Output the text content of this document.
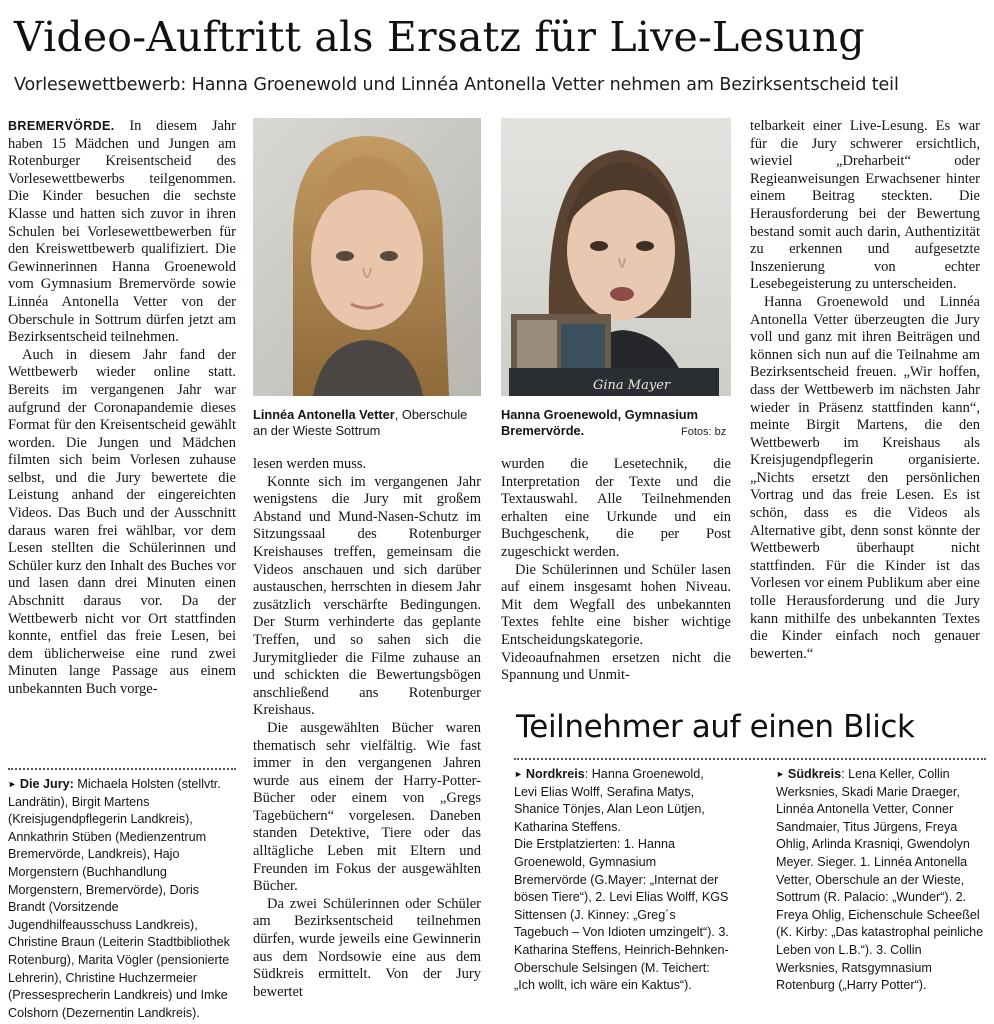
Video-Auftritt als Ersatz für Live-Lesung
Vorlesewettbewerb: Hanna Groenewold und Linnéa Antonella Vetter nehmen am Bezirksentscheid teil

BREMERVÖRDE. In diesem Jahr haben 15 Mädchen und Jungen am Rotenburger Kreisentscheid des Vorlesewettbewerbs teilgenommen. Die Kinder besuchen die sechste Klasse und hatten sich zuvor in ihren Schulen bei Vorlesewettbewerben für den Kreiswettbewerb qualifiziert. Die Gewinnerinnen Hanna Groenewold vom Gymnasium Bremervörde sowie Linnéa Antonella Vetter von der Oberschule in Sottrum dürfen jetzt am Bezirksentscheid teilnehmen.

Auch in diesem Jahr fand der Wettbewerb wieder online statt. Bereits im vergangenen Jahr war aufgrund der Coronapandemie dieses Format für den Kreisentscheid gewählt worden. Die Jungen und Mädchen filmten sich beim Vorlesen zuhause selbst, und die Jury bewertete die Leistung anhand der eingereichten Videos. Das Buch und der Ausschnitt daraus waren frei wählbar, vor dem Lesen stellten die Schülerinnen und Schüler kurz den Inhalt des Buches vor und lasen dann drei Minuten einen Abschnitt daraus vor. Da der Wettbewerb nicht vor Ort stattfinden konnte, entfiel das freie Lesen, bei dem üblicherweise eine rund zwei Minuten lange Passage aus einem unbekannten Buch vorge-

Linnéa Antonella Vetter, Oberschule an der Wieste Sottrum
Gina Mayer
Hanna Groenewold, Gymnasium Bremervörde.	Fotos: bz

lesen werden muss.

Konnte sich im vergangenen Jahr wenigstens die Jury mit großem Abstand und Mund-Nasen-Schutz im Sitzungssaal des Rotenburger Kreishauses treffen, gemeinsam die Videos anschauen und sich darüber austauschen, herrschten in diesem Jahr zusätzlich verschärfte Bedingungen. Der Sturm verhinderte das geplante Treffen, und so sahen sich die Jurymitglieder die Filme zuhause an und schickten die Bewertungsbögen anschließend ans Rotenburger Kreishaus.

Die ausgewählten Bücher waren thematisch sehr vielfältig. Wie fast immer in den vergangenen Jahren wurde aus einem der Harry-Potter-Bücher oder einem von „Gregs Tagebüchern“ vorgelesen. Daneben standen Detektive, Tiere oder das alltägliche Leben mit Eltern und Freunden im Fokus der ausgewählten Bücher.

Da zwei Schülerinnen oder Schüler am Bezirksentscheid teilnehmen dürfen, wurde jeweils eine Gewinnerin aus dem Nordsowie eine aus dem Südkreis ermittelt. Von der Jury bewertet

wurden die Lesetechnik, die Interpretation der Texte und die Textauswahl. Alle Teilnehmenden erhalten eine Urkunde und ein Buchgeschenk, die per Post zugeschickt werden.

Die Schülerinnen und Schüler lasen auf einem insgesamt hohen Niveau. Mit dem Wegfall des unbekannten Textes fehlte eine bisher wichtige Entscheidungskategorie. Videoaufnahmen ersetzen nicht die Spannung und Unmit-

telbarkeit einer Live-Lesung. Es war für die Jury schwerer ersichtlich, wieviel „Dreharbeit“ oder Regieanweisungen Erwachsener hinter einem Beitrag steckten. Die Herausforderung bei der Bewertung bestand somit auch darin, Authentizität zu erkennen und aufgesetzte Inszenierung von echter Lesebegeisterung zu unterscheiden.

Hanna Groenewold und Linnéa Antonella Vetter überzeugten die Jury voll und ganz mit ihren Beiträgen und können sich nun auf die Teilnahme am Bezirksentscheid freuen. „Wir hoffen, dass der Wettbewerb im nächsten Jahr wieder in Präsenz stattfinden kann“, meinte Birgit Martens, die den Wettbewerb im Kreishaus als Kreisjugendpflegerin organisierte. „Nichts ersetzt den persönlichen Vortrag und das freie Lesen. Es ist schön, dass es die Videos als Alternative gibt, denn sonst könnte der Wettbewerb überhaupt nicht stattfinden. Für die Kinder ist das Vorlesen vor einem Publikum aber eine tolle Herausforderung und die Jury kann mithilfe des unbekannten Textes die Kinder einfach noch genauer bewerten.“

► Die Jury: Michaela Holsten (stellvtr. Landrätin), Birgit Martens (Kreisjugendpflegerin Landkreis), Annkathrin Stüben (Medienzentrum Bremervörde, Landkreis), Hajo Morgenstern (Buchhandlung Morgenstern, Bremervörde), Doris Brandt (Vorsitzende Jugendhilfeausschuss Landkreis), Christine Braun (Leiterin Stadtbibliothek Rotenburg), Marita Vögler (pensionierte Lehrerin), Christine Huchzermeier (Pressesprecherin Landkreis) und Imke Colshorn (Dezernentin Landkreis).
Teilnehmer auf einen Blick
► Nordkreis: Hanna Groenewold, Levi Elias Wolff, Serafina Matys, Shanice Tönjes, Alan Leon Lütjen, Katharina Steffens.
Die Erstplatzierten: 1. Hanna Groenewold, Gymnasium Bremervörde (G.Mayer: „Internat der bösen Tiere“), 2. Levi Elias Wolff, KGS Sittensen (J. Kinney: „Greg´s Tagebuch – Von Idioten umzingelt“). 3. Katharina Steffens, Heinrich-Behnken-Oberschule Selsingen (M. Teichert: „Ich wollt, ich wäre ein Kaktus“).
► Südkreis: Lena Keller, Collin Werksnies, Skadi Marie Draeger, Linnéa Antonella Vetter, Conner Sandmaier, Titus Jürgens, Freya Ohlig, Arlinda Krasniqi, Gwendolyn Meyer. Sieger. 1. Linnéa Antonella Vetter, Oberschule an der Wieste, Sottrum (R. Palacio: „Wunder“). 2. Freya Ohlig, Eichenschule Scheeßel (K. Kirby: „Das katastrophal peinliche Leben von L.B.“). 3. Collin Werksnies, Ratsgymnasium Rotenburg („Harry Potter“).
